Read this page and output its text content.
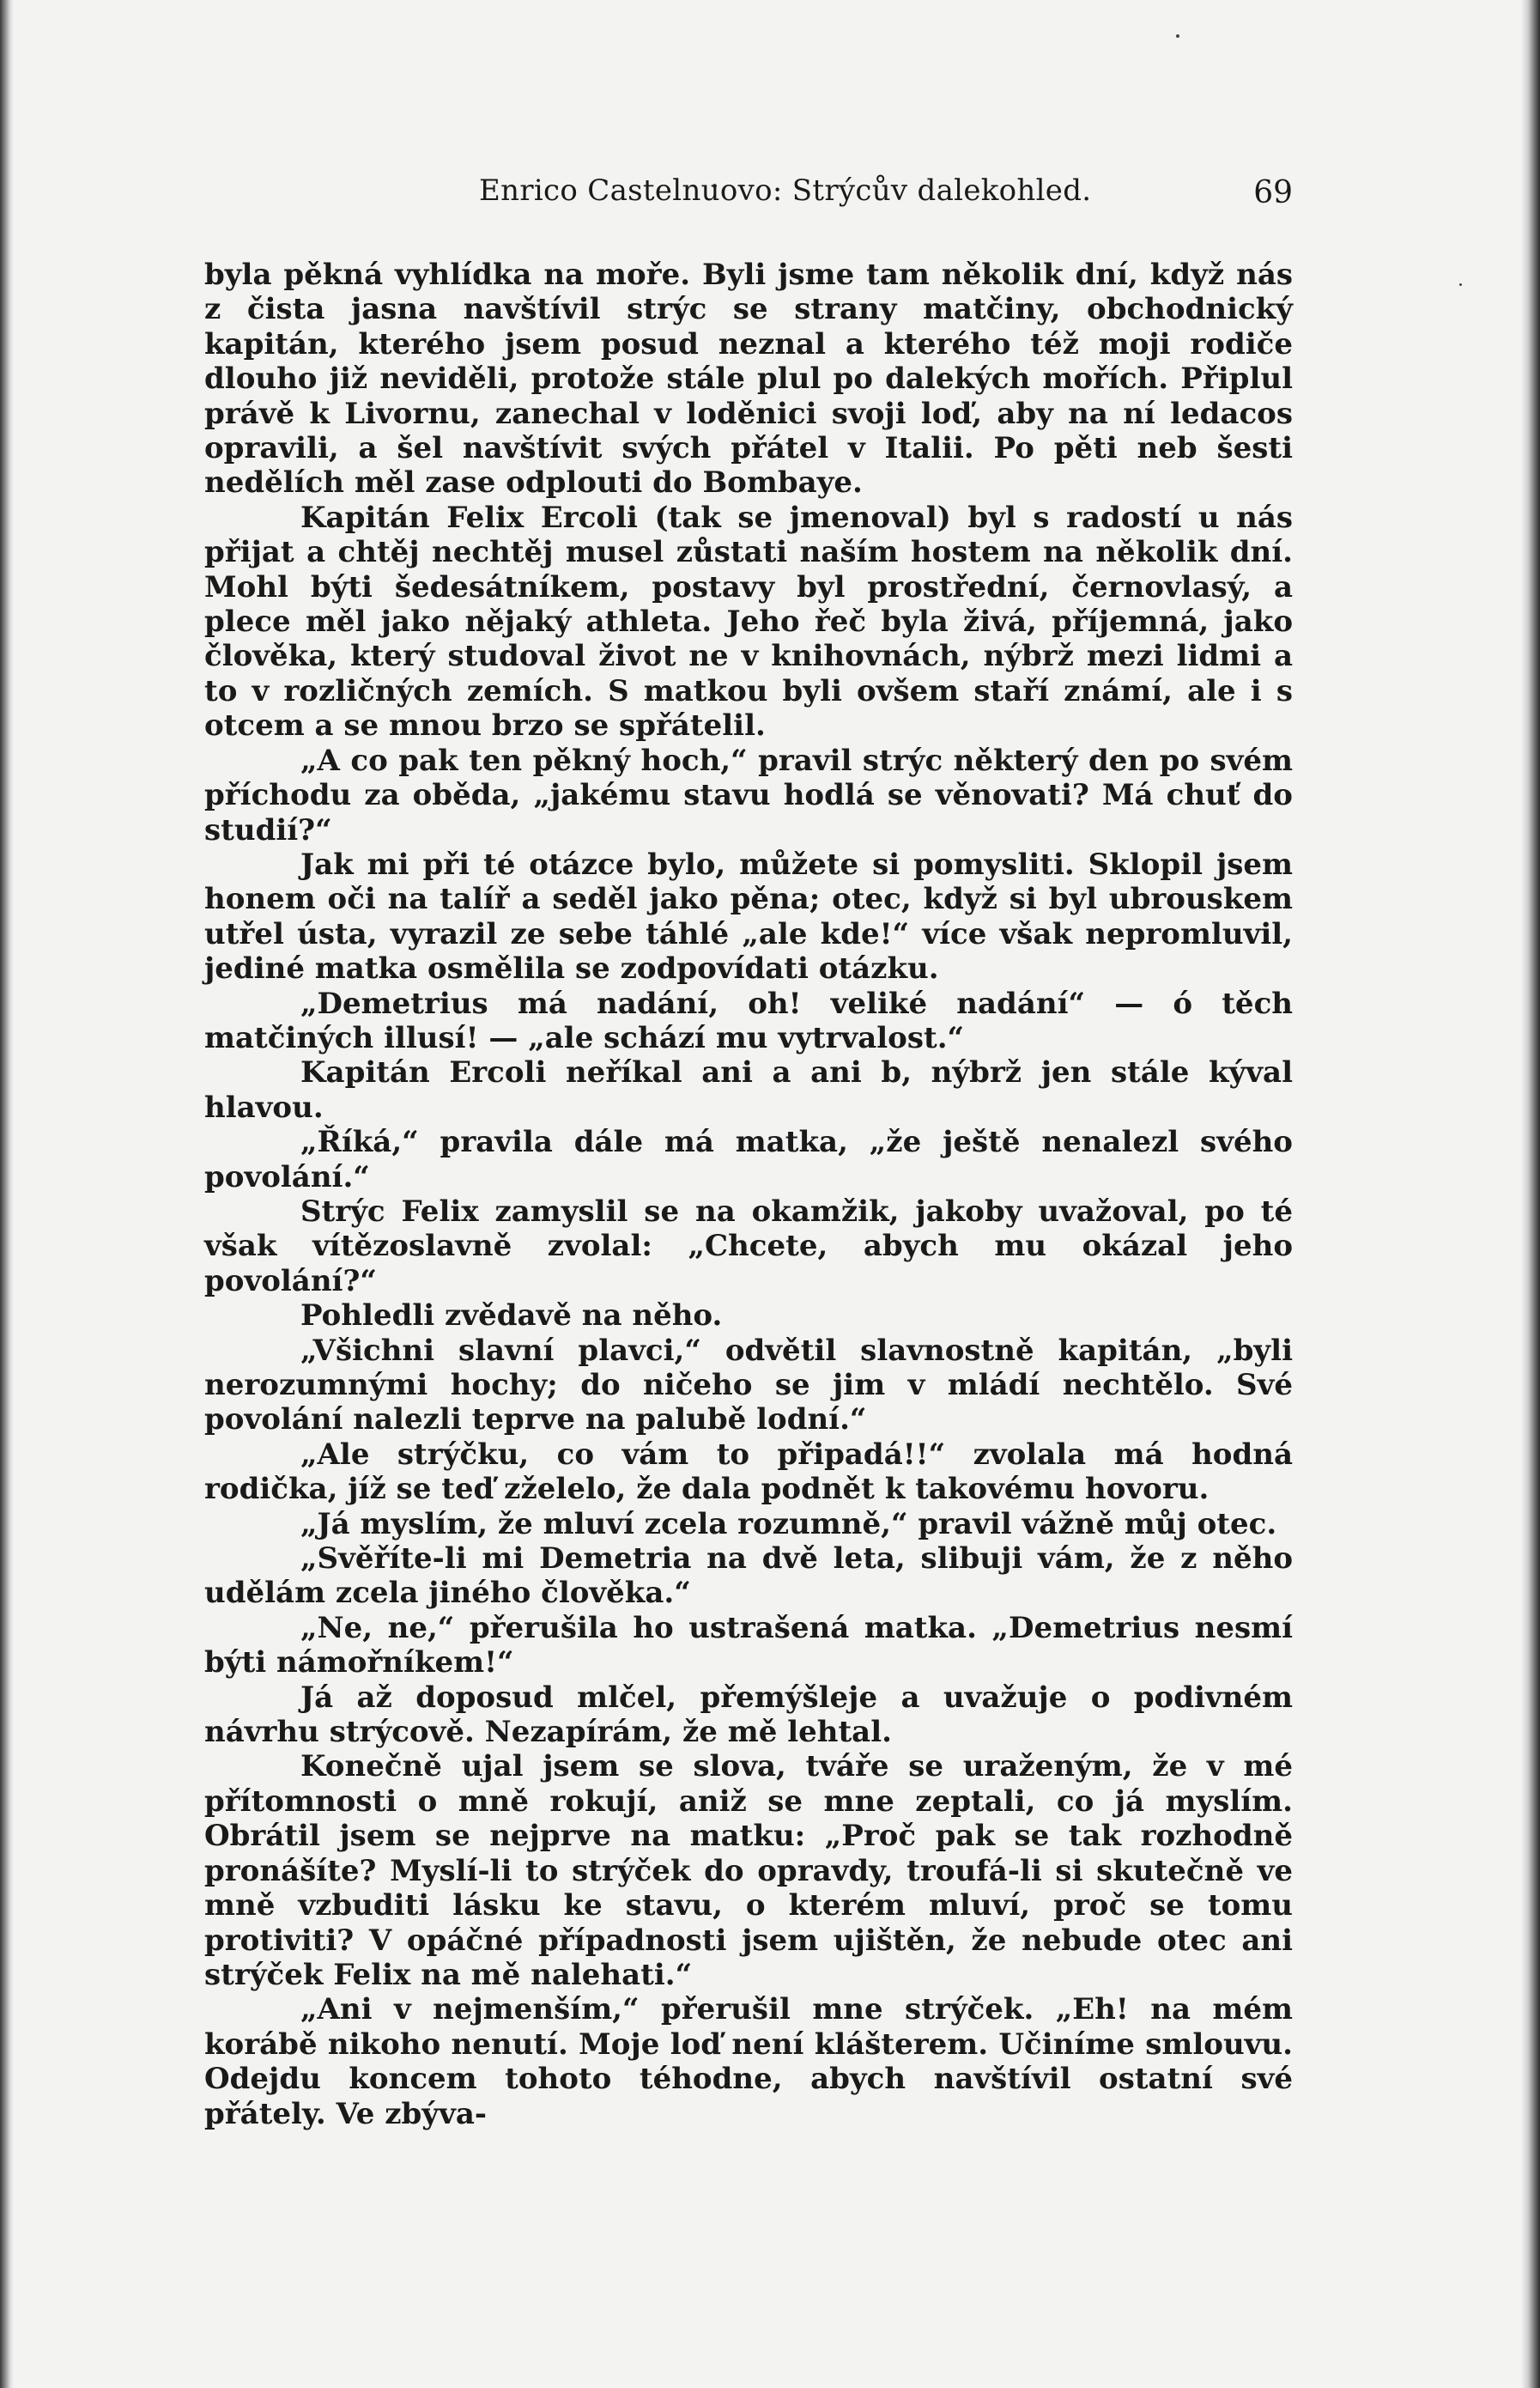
Enrico Castelnuovo: Strýcův dalekohled.	69

byla pěkná vyhlídka na moře. Byli jsme tam několik dní, když nás z čista jasna navštívil strýc se strany matčiny, obchodnický kapitán, kterého jsem posud neznal a kterého též moji rodiče dlouho již neviděli, protože stále plul po dalekých mořích. Připlul právě k Livornu, zanechal v loděnici svoji loď, aby na ní ledacos opravili, a šel navštívit svých přátel v Italii. Po pěti neb šesti nedělích měl zase odplouti do Bombaye.

Kapitán Felix Ercoli (tak se jmenoval) byl s radostí u nás přijat a chtěj nechtěj musel zůstati naším hostem na několik dní. Mohl býti šedesátníkem, postavy byl prostřední, černovlasý, a plece měl jako nějaký athleta. Jeho řeč byla živá, příjemná, jako člověka, který studoval život ne v knihovnách, nýbrž mezi lidmi a to v rozličných zemích. S matkou byli ovšem staří známí, ale i s otcem a se mnou brzo se spřátelil.

„A co pak ten pěkný hoch,“ pravil strýc některý den po svém příchodu za oběda, „jakému stavu hodlá se věnovati? Má chuť do studií?“

Jak mi při té otázce bylo, můžete si pomysliti. Sklopil jsem honem oči na talíř a seděl jako pěna; otec, když si byl ubrouskem utřel ústa, vyrazil ze sebe táhlé „ale kde!“ více však nepromluvil, jediné matka osmělila se zodpovídati otázku.

„Demetrius má nadání, oh! veliké nadání“ — ó těch matčiných illusí! — „ale schází mu vytrvalost.“

Kapitán Ercoli neříkal ani a ani b, nýbrž jen stále kýval hlavou.

„Říká,“ pravila dále má matka, „že ještě nenalezl svého povolání.“

Strýc Felix zamyslil se na okamžik, jakoby uvažoval, po té však vítězoslavně zvolal: „Chcete, abych mu okázal jeho povolání?“

Pohledli zvědavě na něho.

„Všichni slavní plavci,“ odvětil slavnostně kapitán, „byli nerozumnými hochy; do ničeho se jim v mládí nechtělo. Své povolání nalezli teprve na palubě lodní.“

„Ale strýčku, co vám to připadá!!“ zvolala má hodná rodička, jíž se teď zželelo, že dala podnět k takovému hovoru.

„Já myslím, že mluví zcela rozumně,“ pravil vážně můj otec.

„Svěříte-li mi Demetria na dvě leta, slibuji vám, že z něho udělám zcela jiného člověka.“

„Ne, ne,“ přerušila ho ustrašená matka. „Demetrius nesmí býti námořníkem!“

Já až doposud mlčel, přemýšleje a uvažuje o podivném návrhu strýcově. Nezapírám, že mě lehtal.

Konečně ujal jsem se slova, tváře se uraženým, že v mé přítomnosti o mně rokují, aniž se mne zeptali, co já myslím. Obrátil jsem se nejprve na matku: „Proč pak se tak rozhodně pronášíte? Myslí-li to strýček do opravdy, troufá-li si skutečně ve mně vzbuditi lásku ke stavu, o kterém mluví, proč se tomu protiviti? V opáčné případnosti jsem ujištěn, že nebude otec ani strýček Felix na mě nalehati.“

„Ani v nejmenším,“ přerušil mne strýček. „Eh! na mém korábě nikoho nenutí. Moje loď není klášterem. Učiníme smlouvu. Odejdu koncem tohoto téhodne, abych navštívil ostatní své přátely. Ve zbýva-
